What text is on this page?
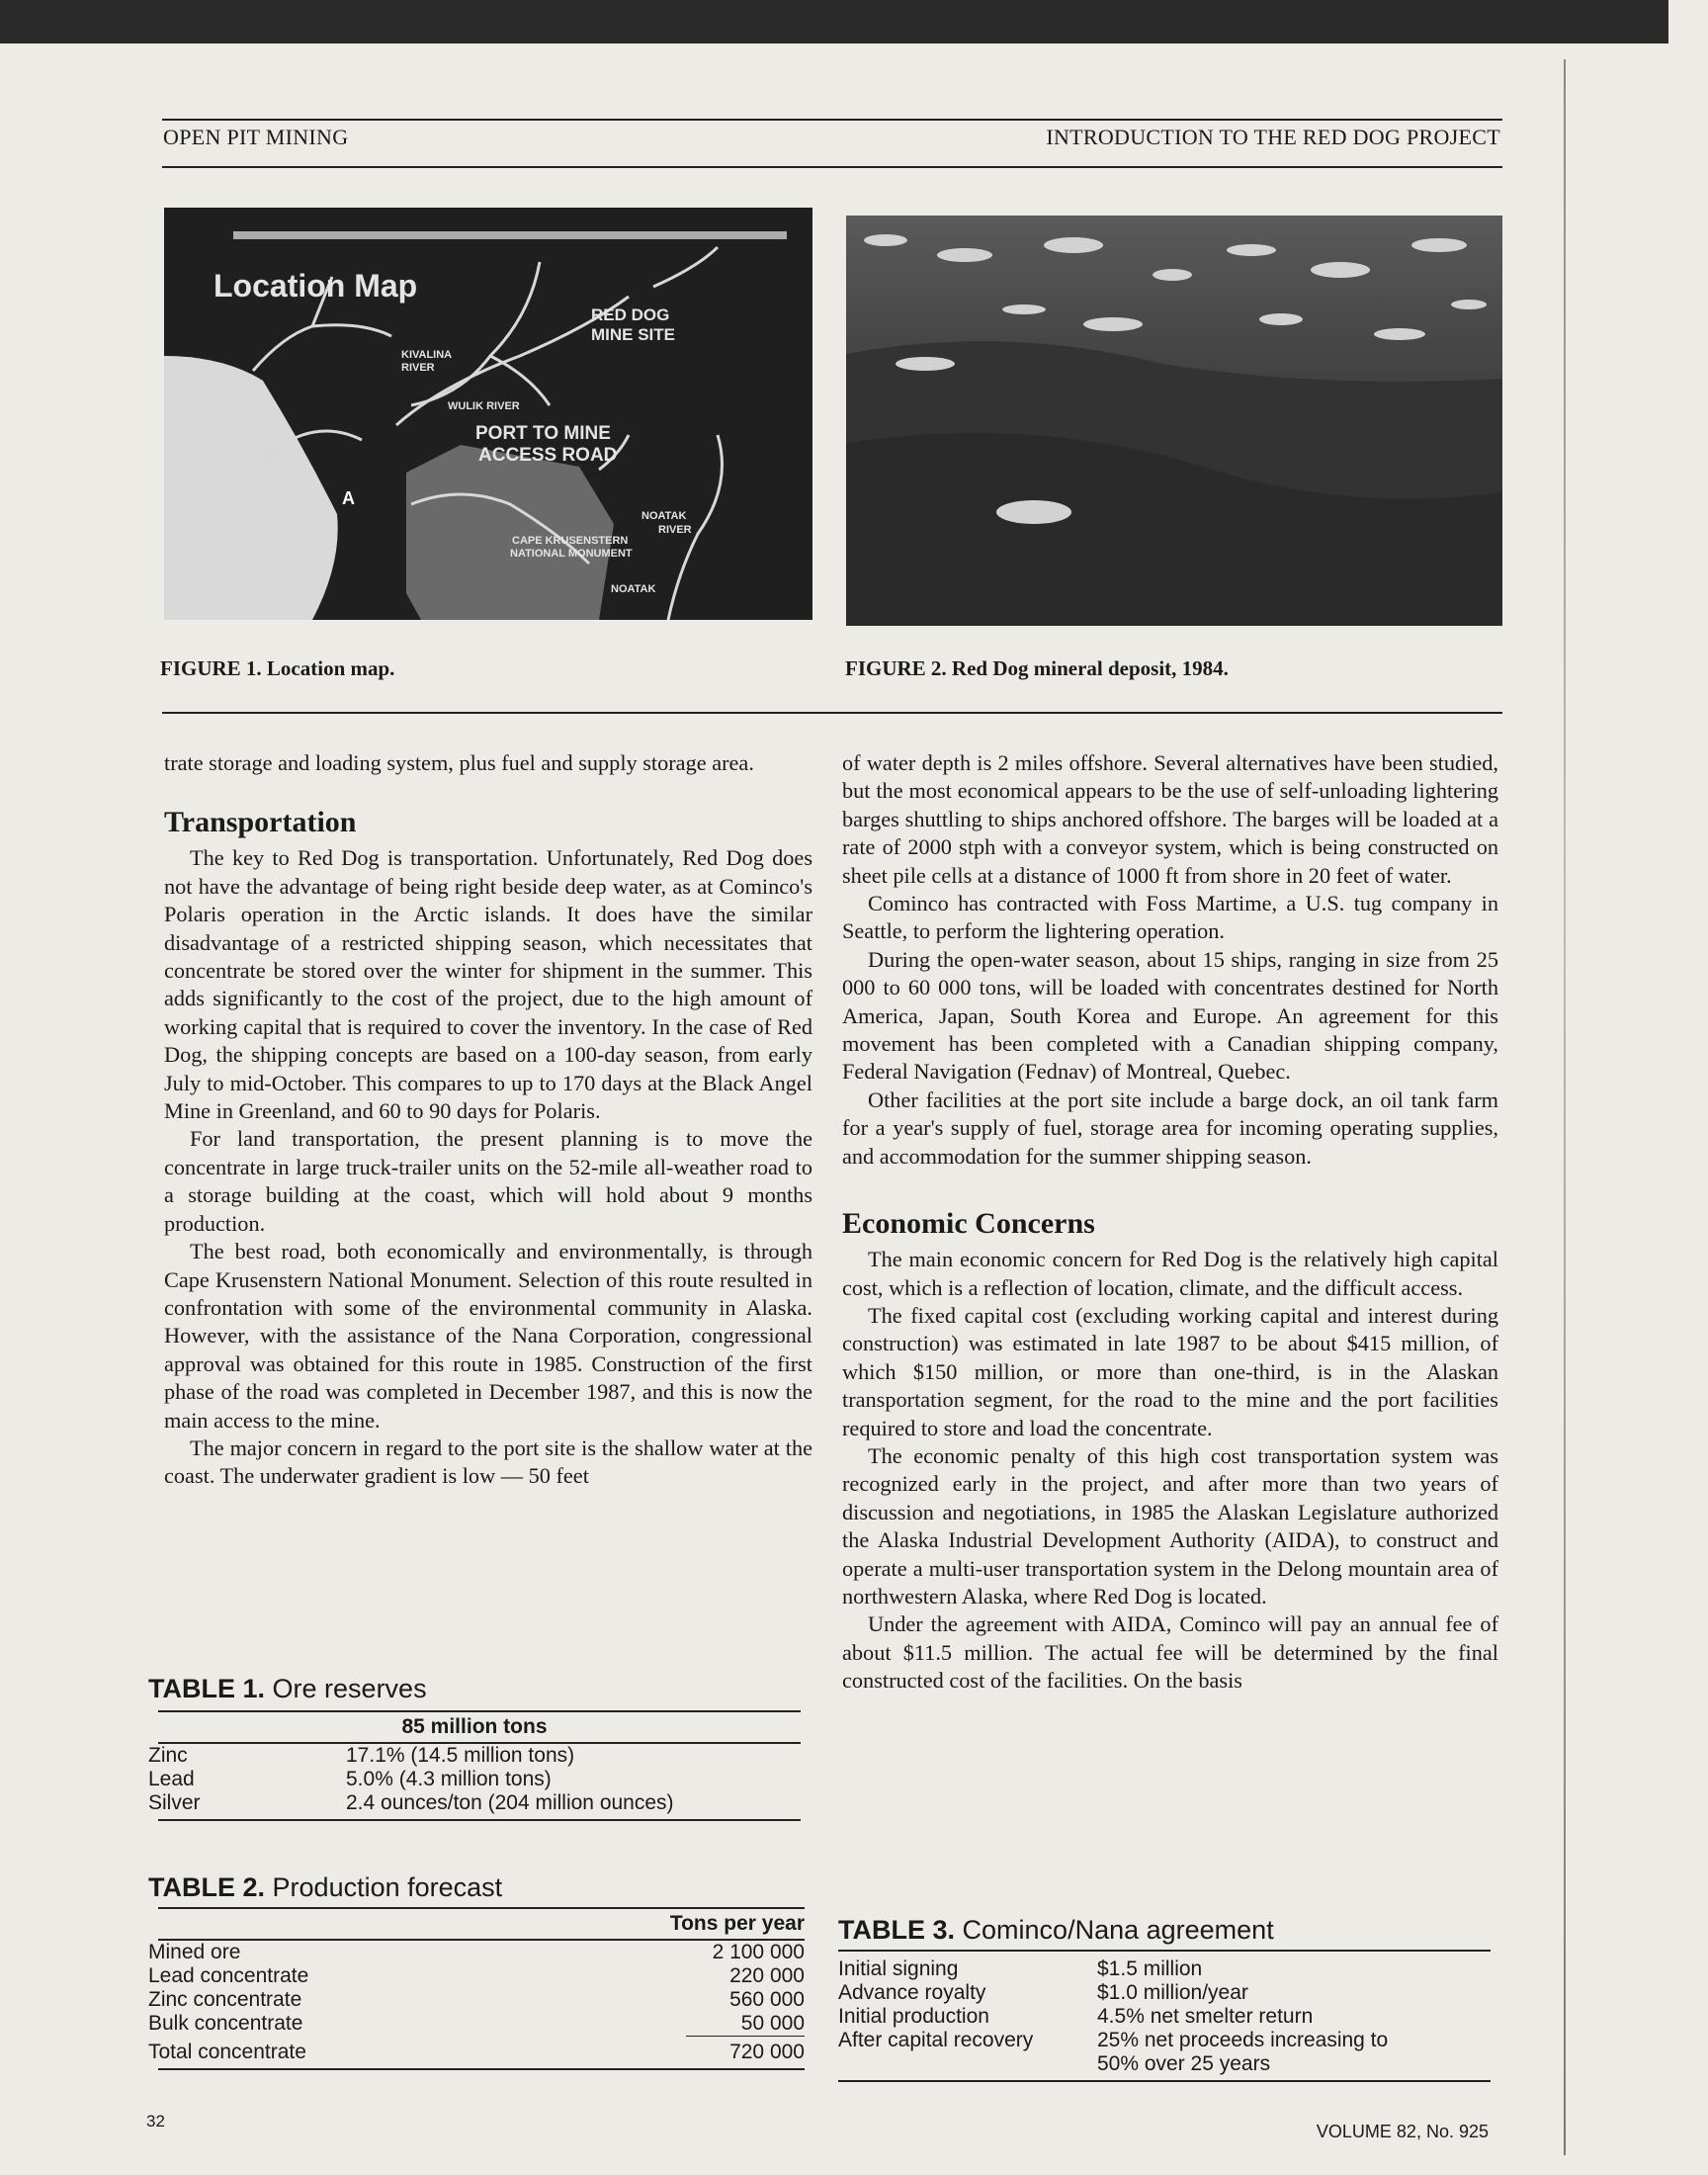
OPEN PIT MINING	INTRODUCTION TO THE RED DOG PROJECT
Location Map
RED DOG
MINE SITE
KIVALINA
RIVER
WULIK RIVER
PORT TO MINE
ACCESS ROAD
NOATAK
RIVER
CAPE KRUSENSTERN
NATIONAL MONUMENT
NOATAK
A
FIGURE 1. Location map.	FIGURE 2. Red Dog mineral deposit, 1984.

trate storage and loading system, plus fuel and supply storage area.

Transportation

The key to Red Dog is transportation. Unfortunately, Red Dog does not have the advantage of being right beside deep water, as at Cominco's Polaris operation in the Arctic islands. It does have the similar disadvantage of a restricted shipping season, which necessitates that concentrate be stored over the winter for shipment in the summer. This adds significantly to the cost of the project, due to the high amount of working capital that is required to cover the inventory. In the case of Red Dog, the shipping concepts are based on a 100-day season, from early July to mid-October. This compares to up to 170 days at the Black Angel Mine in Greenland, and 60 to 90 days for Polaris.

For land transportation, the present planning is to move the concentrate in large truck-trailer units on the 52-mile all-weather road to a storage building at the coast, which will hold about 9 months production.

The best road, both economically and environmentally, is through Cape Krusenstern National Monument. Selection of this route resulted in confrontation with some of the environmental community in Alaska. However, with the assistance of the Nana Corporation, congressional approval was obtained for this route in 1985. Construction of the first phase of the road was completed in December 1987, and this is now the main access to the mine.

The major concern in regard to the port site is the shallow water at the coast. The underwater gradient is low — 50 feet

of water depth is 2 miles offshore. Several alternatives have been studied, but the most economical appears to be the use of self-unloading lightering barges shuttling to ships anchored offshore. The barges will be loaded at a rate of 2000 stph with a conveyor system, which is being constructed on sheet pile cells at a distance of 1000 ft from shore in 20 feet of water.

Cominco has contracted with Foss Martime, a U.S. tug company in Seattle, to perform the lightering operation.

During the open-water season, about 15 ships, ranging in size from 25 000 to 60 000 tons, will be loaded with concentrates destined for North America, Japan, South Korea and Europe. An agreement for this movement has been completed with a Canadian shipping company, Federal Navigation (Fednav) of Montreal, Quebec.

Other facilities at the port site include a barge dock, an oil tank farm for a year's supply of fuel, storage area for incoming operating supplies, and accommodation for the summer shipping season.

Economic Concerns

The main economic concern for Red Dog is the relatively high capital cost, which is a reflection of location, climate, and the difficult access.

The fixed capital cost (excluding working capital and interest during construction) was estimated in late 1987 to be about $415 million, of which $150 million, or more than one-third, is in the Alaskan transportation segment, for the road to the mine and the port facilities required to store and load the concentrate.

The economic penalty of this high cost transportation system was recognized early in the project, and after more than two years of discussion and negotiations, in 1985 the Alaskan Legislature authorized the Alaska Industrial Development Authority (AIDA), to construct and operate a multi-user transportation system in the Delong mountain area of northwestern Alaska, where Red Dog is located.

Under the agreement with AIDA, Cominco will pay an annual fee of about $11.5 million. The actual fee will be determined by the final constructed cost of the facilities. On the basis

TABLE 1. Ore reserves
85 million tons
Zinc	17.1% (14.5 million tons)
Lead	5.0% (4.3 million tons)
Silver	2.4 ounces/ton (204 million ounces)
TABLE 2. Production forecast
Tons per year
Mined ore	2 100 000
Lead concentrate	220 000
Zinc concentrate	560 000
Bulk concentrate	50 000
Total concentrate	720 000
TABLE 3. Cominco/Nana agreement
Initial signing	$1.5 million
Advance royalty	$1.0 million/year
Initial production	4.5% net smelter return
After capital recovery	25% net proceeds increasing to
50% over 25 years
32
VOLUME 82, No. 925
